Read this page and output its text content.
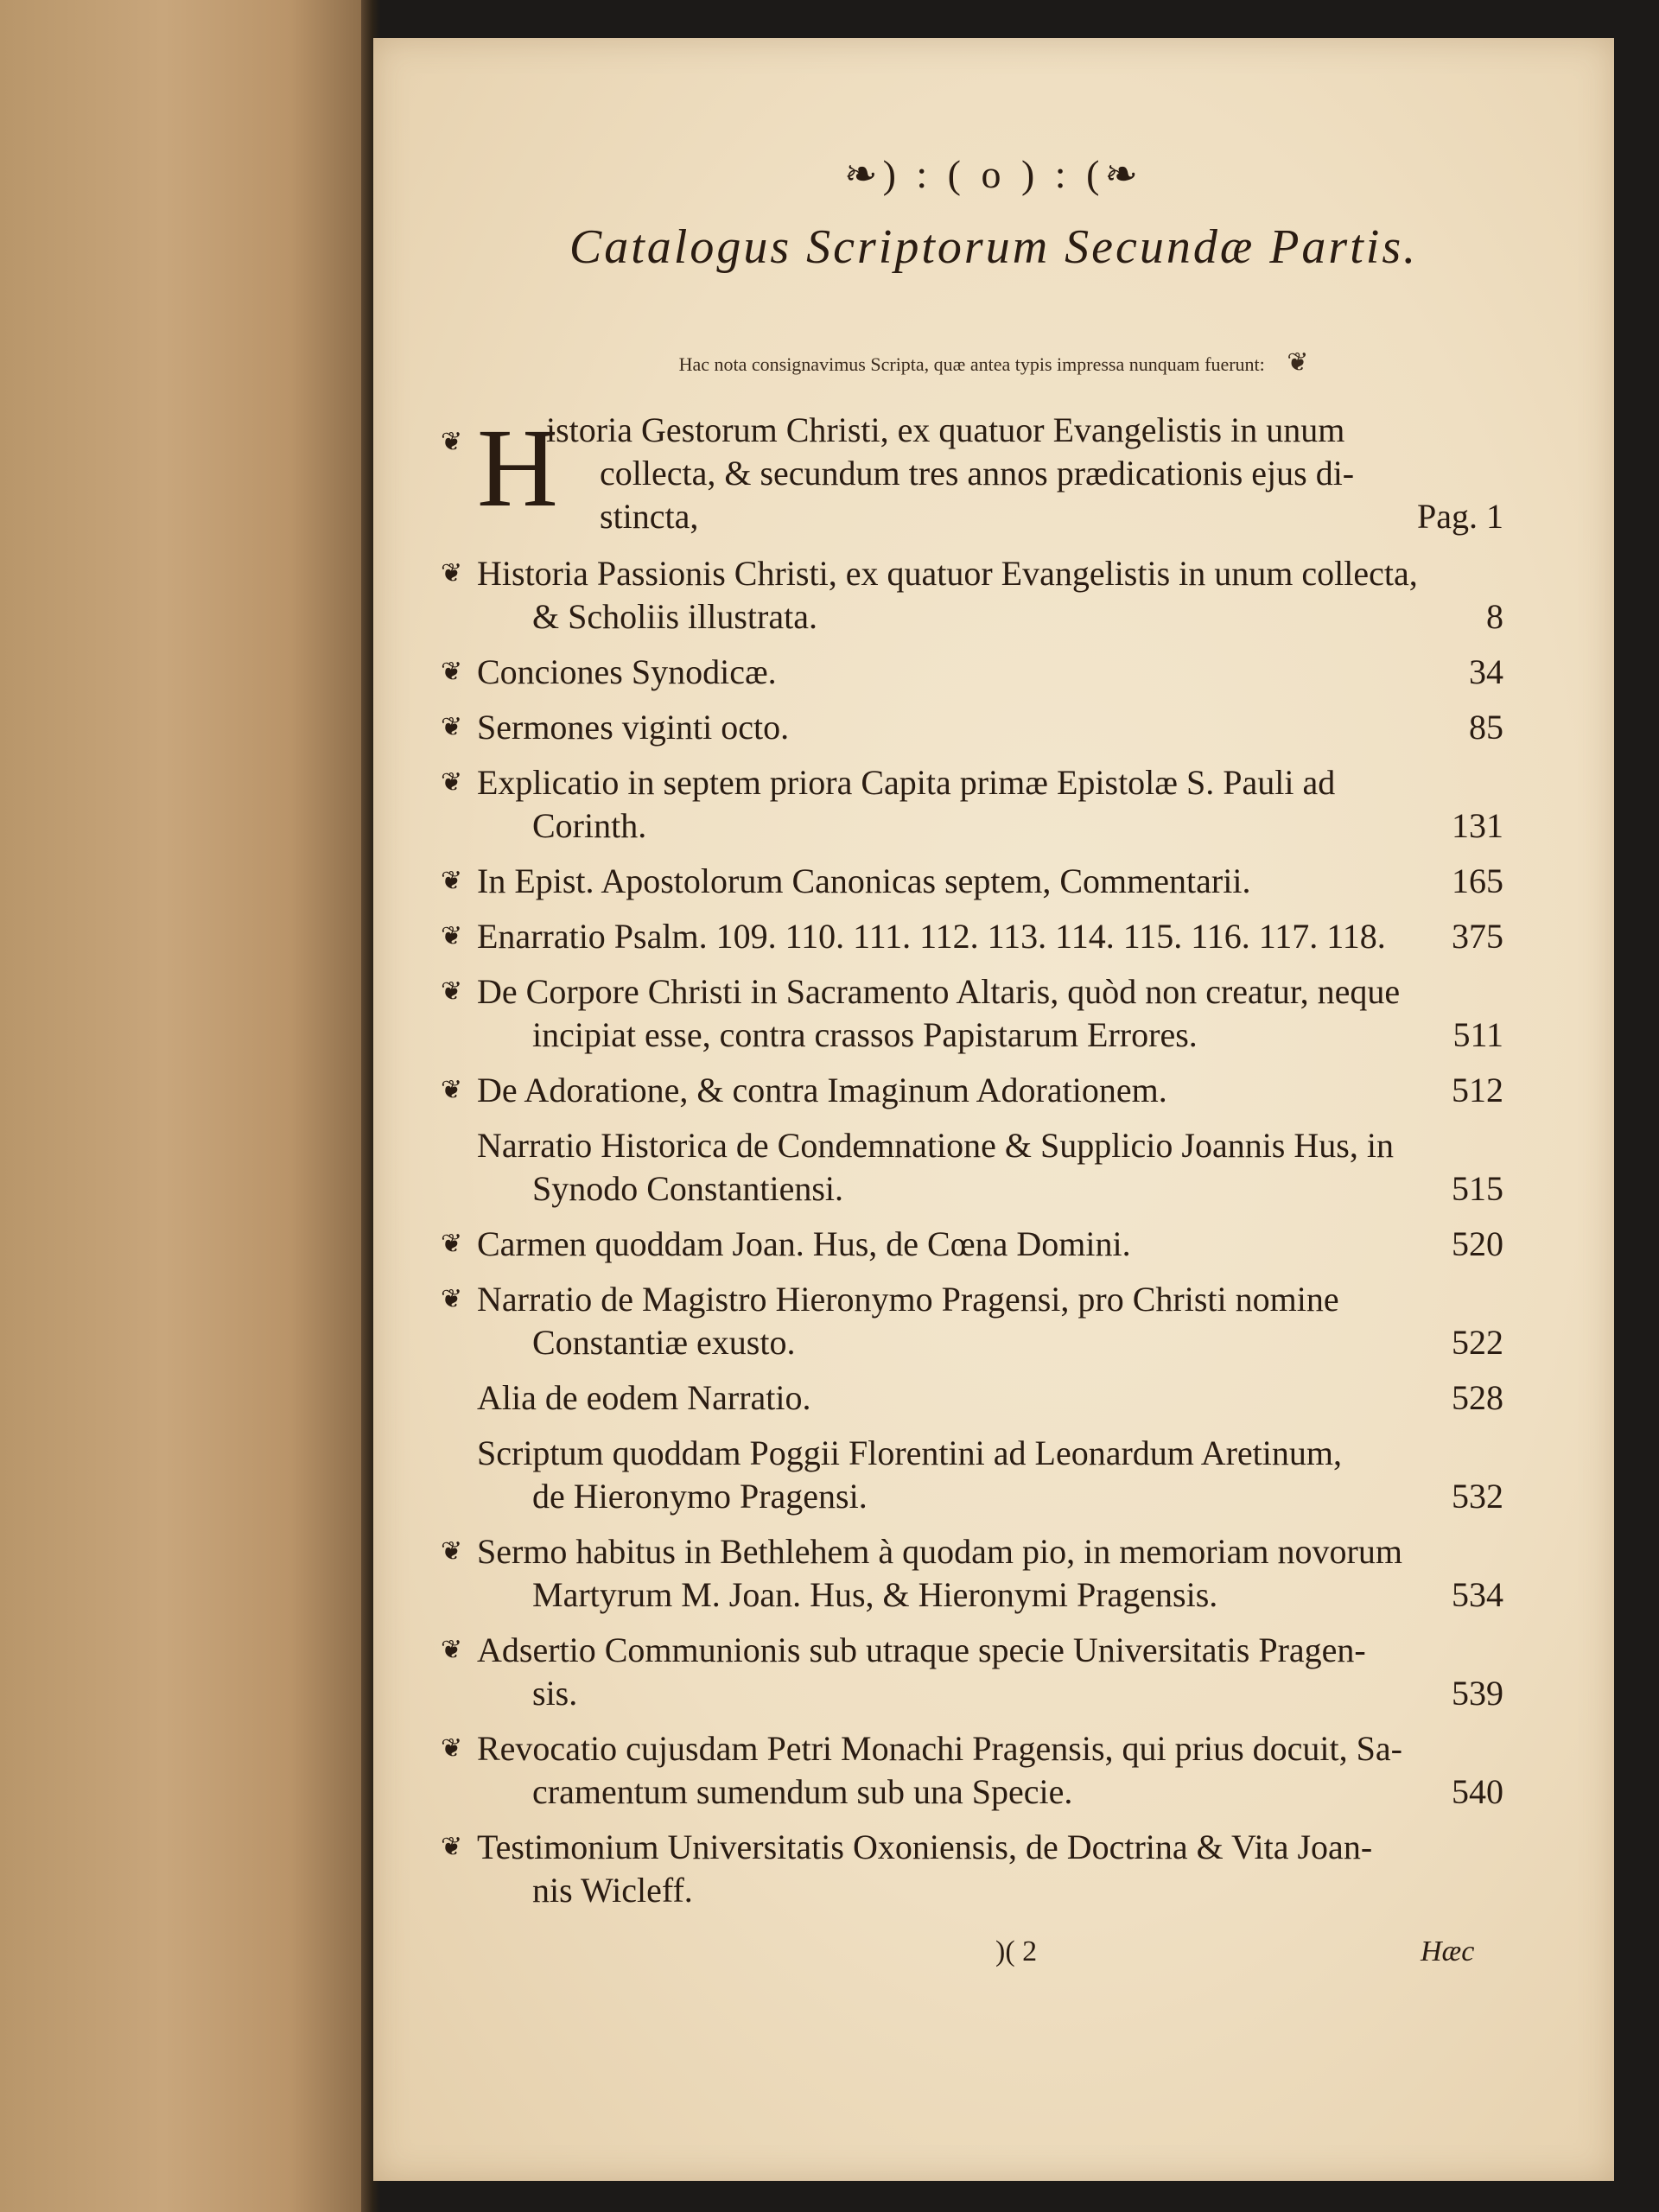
❧) : ( o ) : (❧
Catalogus Scriptorum Secundæ Partis.
Hac nota consignavimus Scripta, quæ antea typis impressa nunquam fuerunt: ❦
❦ H
istoria Gestorum Christi, ex quatuor Evangelistis in unum
collecta, & secundum tres annos prædicationis ejus di-
stincta,	Pag. 1
❦ Historia Passionis Christi, ex quatuor Evangelistis in unum collecta,
& Scholiis illustrata.	8
❦ Conciones Synodicæ.	34
❦ Sermones viginti octo.	85
❦ Explicatio in septem priora Capita primæ Epistolæ S. Pauli ad
Corinth.	131
❦ In Epist. Apostolorum Canonicas septem, Commentarii.	165
❦ Enarratio Psalm. 109. 110. 111. 112. 113. 114. 115. 116. 117. 118. 375
❦ De Corpore Christi in Sacramento Altaris, quòd non creatur, neque
incipiat esse, contra crassos Papistarum Errores.	511
❦ De Adoratione, & contra Imaginum Adorationem.	512
Narratio Historica de Condemnatione & Supplicio Joannis Hus, in
Synodo Constantiensi.	515
❦ Carmen quoddam Joan. Hus, de Cœna Domini.	520
❦ Narratio de Magistro Hieronymo Pragensi, pro Christi nomine
Constantiæ exusto.	522
Alia de eodem Narratio.	528
Scriptum quoddam Poggii Florentini ad Leonardum Aretinum,
de Hieronymo Pragensi.	532
❦ Sermo habitus in Bethlehem à quodam pio, in memoriam novorum
Martyrum M. Joan. Hus, & Hieronymi Pragensis.	534
❦ Adsertio Communionis sub utraque specie Universitatis Pragen-
sis.	539
❦ Revocatio cujusdam Petri Monachi Pragensis, qui prius docuit, Sa-
cramentum sumendum sub una Specie.	540
❦ Testimonium Universitatis Oxoniensis, de Doctrina & Vita Joan-
nis Wicleff.
)( 2	Hæc
